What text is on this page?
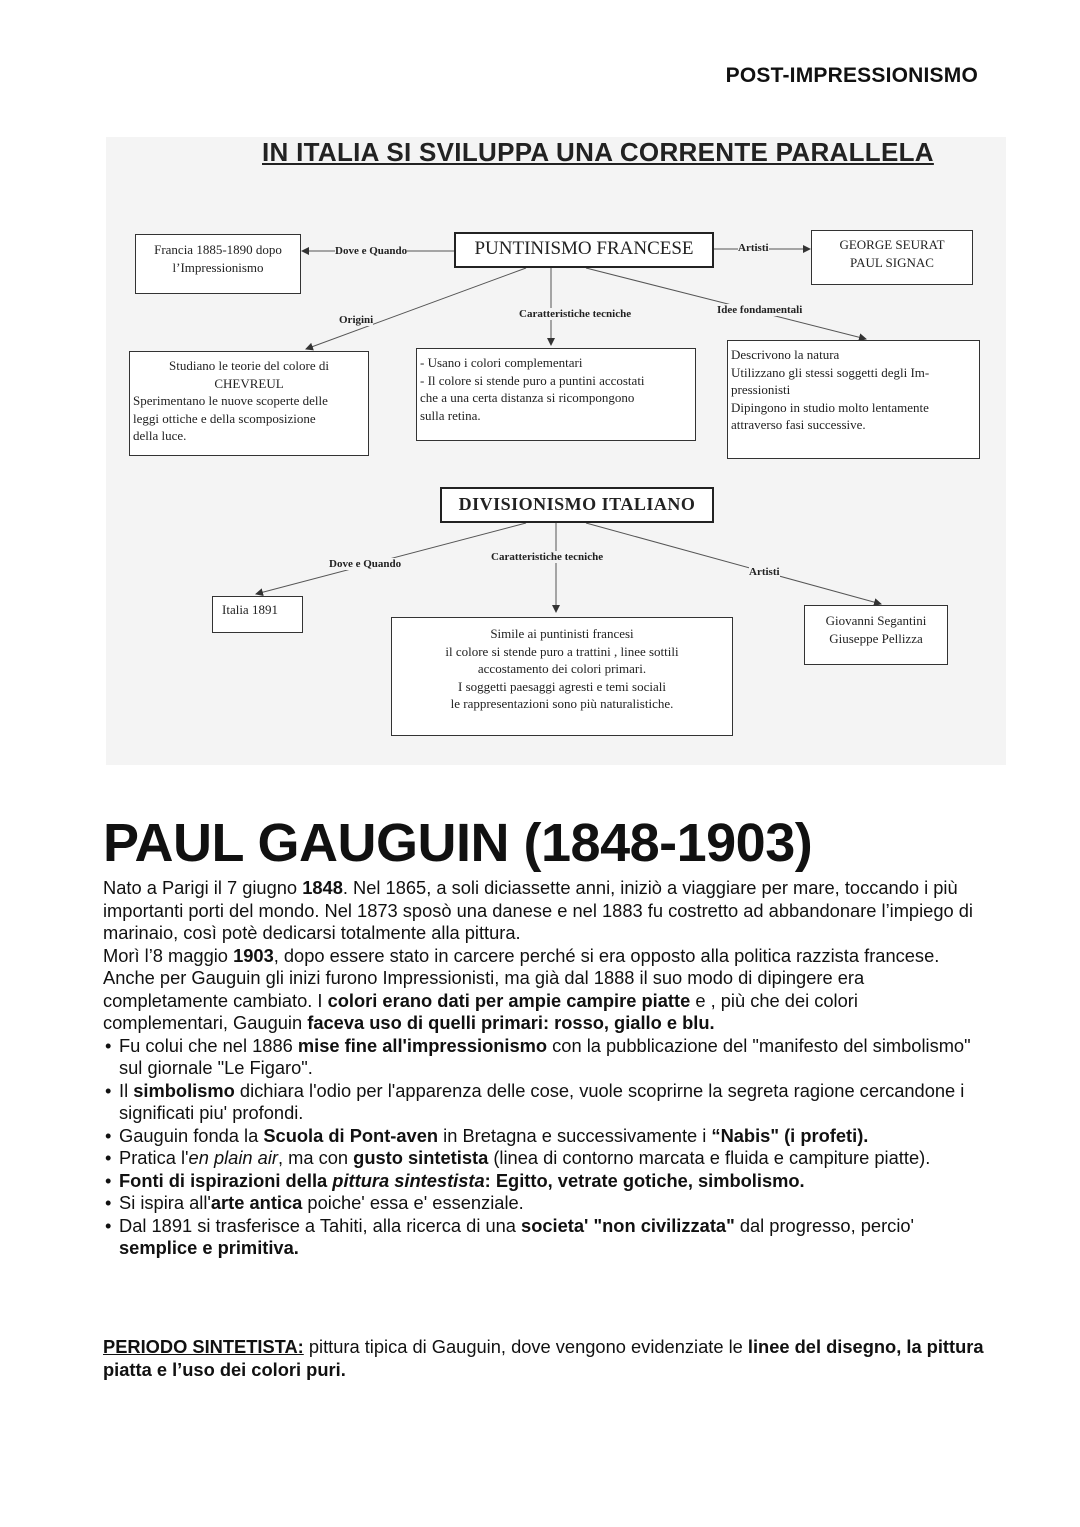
POST-IMPRESSIONISMO
IN ITALIA SI SVILUPPA UNA CORRENTE PARALLELA
Francia 1885-1890 dopo
l’Impressionismo
PUNTINISMO FRANCESE	GEORGE SEURAT
PAUL SIGNAC
Dove e Quando	Artisti
Origini	Caratteristiche tecniche	Idee fondamentali
Studiano le teorie del colore di
CHEVREUL
Sperimentano le nuove scoperte delle
leggi ottiche e della scomposizione
della luce.
- Usano i colori complementari
- Il colore si stende puro a puntini accostati
che a una certa distanza si ricompongono
sulla retina.
Descrivono la natura
Utilizzano gli stessi soggetti degli Im-
pressionisti
Dipingono in studio molto lentamente
attraverso fasi successive.
DIVISIONISMO ITALIANO
Dove e Quando
Caratteristiche tecniche
Artisti
Italia 1891
Simile ai puntinisti francesi
il colore si stende puro a trattini , linee sottili
accostamento dei colori primari.
I soggetti paesaggi agresti e temi sociali
le rappresentazioni sono più naturalistiche.
Giovanni Segantini
Giuseppe Pellizza
PAUL GAUGUIN (1848-1903)

Nato a Parigi il 7 giugno 1848. Nel 1865, a soli diciassette anni, iniziò a viaggiare per mare, toccando i più importanti porti del mondo. Nel 1873 sposò una danese e nel 1883 fu costretto ad abbandonare l’impiego di marinaio, così potè dedicarsi totalmente alla pittura.

Morì l’8 maggio 1903, dopo essere stato in carcere perché si era opposto alla politica razzista francese.

Anche per Gauguin gli inizi furono Impressionisti, ma già dal 1888 il suo modo di dipingere era completamente cambiato. I colori erano dati per ampie campire piatte e , più che dei colori complementari, Gauguin faceva uso di quelli primari: rosso, giallo e blu.

• Fu colui che nel 1886 mise fine all'impressionismo con la pubblicazione del "manifesto del simbolismo" sul giornale "Le Figaro".
• Il simbolismo dichiara l'odio per l'apparenza delle cose, vuole scoprirne la segreta ragione cercandone i significati piu' profondi.
• Gauguin fonda la Scuola di Pont-aven in Bretagna e successivamente i “Nabis" (i profeti).
• Pratica l'en plain air, ma con gusto sintetista (linea di contorno marcata e fluida e campiture piatte).
• Fonti di ispirazioni della pittura sintestista: Egitto, vetrate gotiche, simbolismo.
• Si ispira all'arte antica poiche' essa e' essenziale.
• Dal 1891 si trasferisce a Tahiti, alla ricerca di una societa' "non civilizzata" dal progresso, percio' semplice e primitiva.
PERIODO SINTETISTA: pittura tipica di Gauguin, dove vengono evidenziate le linee del disegno, la pittura piatta e l’uso dei colori puri.
